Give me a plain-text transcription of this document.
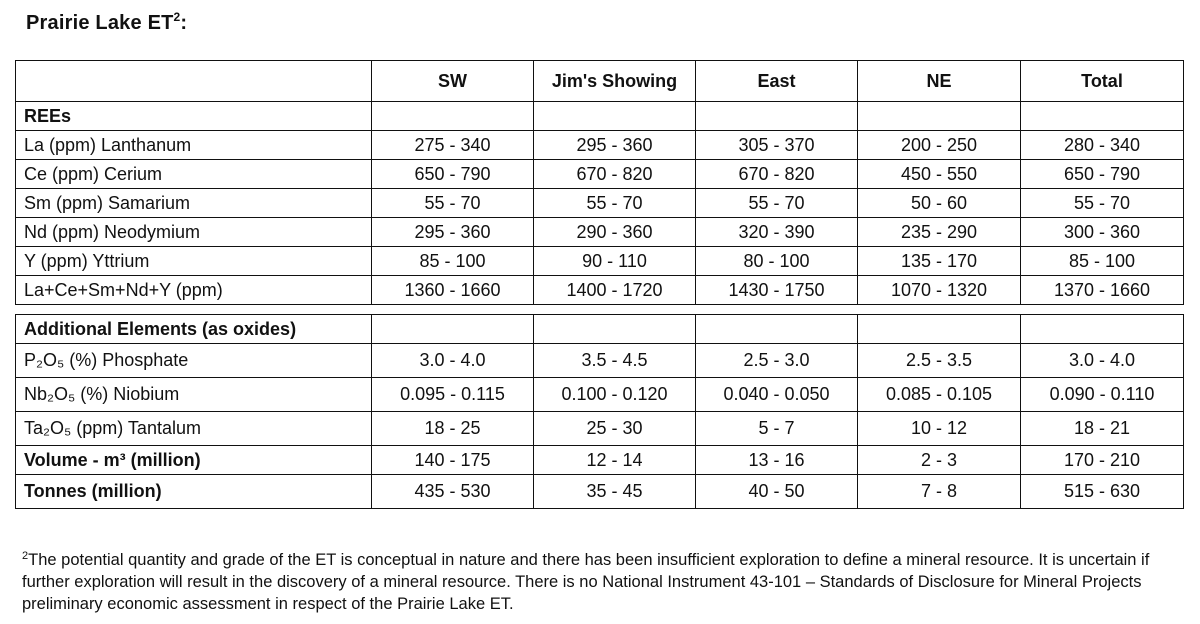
Prairie Lake $ET^2$:
	SW	Jim's Showing	East	NE	Total
REEs					
La (ppm) Lanthanum	275 - 340	295 - 360	305 - 370	200 - 250	280 - 340
Ce (ppm) Cerium	650 - 790	670 - 820	670 - 820	450 - 550	650 - 790
Sm (ppm) Samarium	55 - 70	55 - 70	55 - 70	50 - 60	55 - 70
Nd (ppm) Neodymium	295 - 360	290 - 360	320 - 390	235 - 290	300 - 360
Y (ppm) Yttrium	85 - 100	90 - 110	80 - 100	135 - 170	85 - 100
La+Ce+Sm+Nd+Y (ppm)	1360 - 1660	1400 - 1720	1430 - 1750	1070 - 1320	1370 - 1660

Additional Elements (as oxides)					
P₂O₅ (%) Phosphate	3.0 - 4.0	3.5 - 4.5	2.5 - 3.0	2.5 - 3.5	3.0 - 4.0
Nb₂O₅ (%) Niobium	0.095 - 0.115	0.100 - 0.120	0.040 - 0.050	0.085 - 0.105	0.090 - 0.110
Ta₂O₅ (ppm) Tantalum	18 - 25	25 - 30	5 - 7	10 - 12	18 - 21
Volume - m³ (million)	140 - 175	12 - 14	13 - 16	2 - 3	170 - 210
Tonnes (million)	435 - 530	35 - 45	40 - 50	7 - 8	515 - 630
$^2$The potential quantity and grade of the ET is conceptual in nature and there has been insufficient exploration to define a mineral resource. It is uncertain if further exploration will result in the discovery of a mineral resource. There is no National Instrument 43-101 – Standards of Disclosure for Mineral Projects preliminary economic assessment in respect of the Prairie Lake ET.
